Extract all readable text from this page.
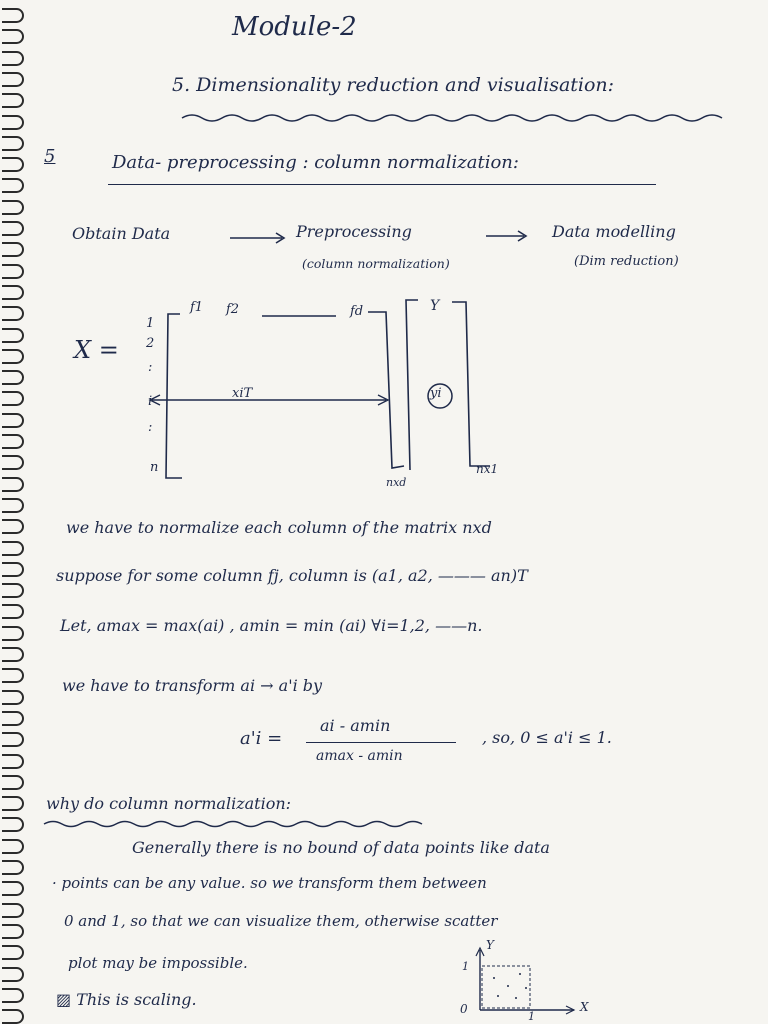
Module-2
5. Dimensionality reduction and visualisation:
5	Data- preprocessing : column normalization:
Obtain Data	Preprocessing
(column normalization)
Data modelling
(Dim reduction)
X =
1
2
:
i
:
n
f1 f2	fd
xiT
Y
nxd
nx1
yi
we have to normalize each column of the matrix nxd
suppose for some column fj, column is (a1, a2, ——— an)T
Let, amax = max(ai) , amin = min (ai) ∀i=1,2, ——n.
we have to transform ai → a'i by
a'i =
ai - amin
amax - amin
, so, 0 ≤ a'i ≤ 1.
why do column normalization:
Generally there is no bound of data points like data
· points can be any value. so we transform them between
0 and 1, so that we can visualize them, otherwise scatter
plot may be impossible.
▨ This is scaling.
Y
X
1
1
0
